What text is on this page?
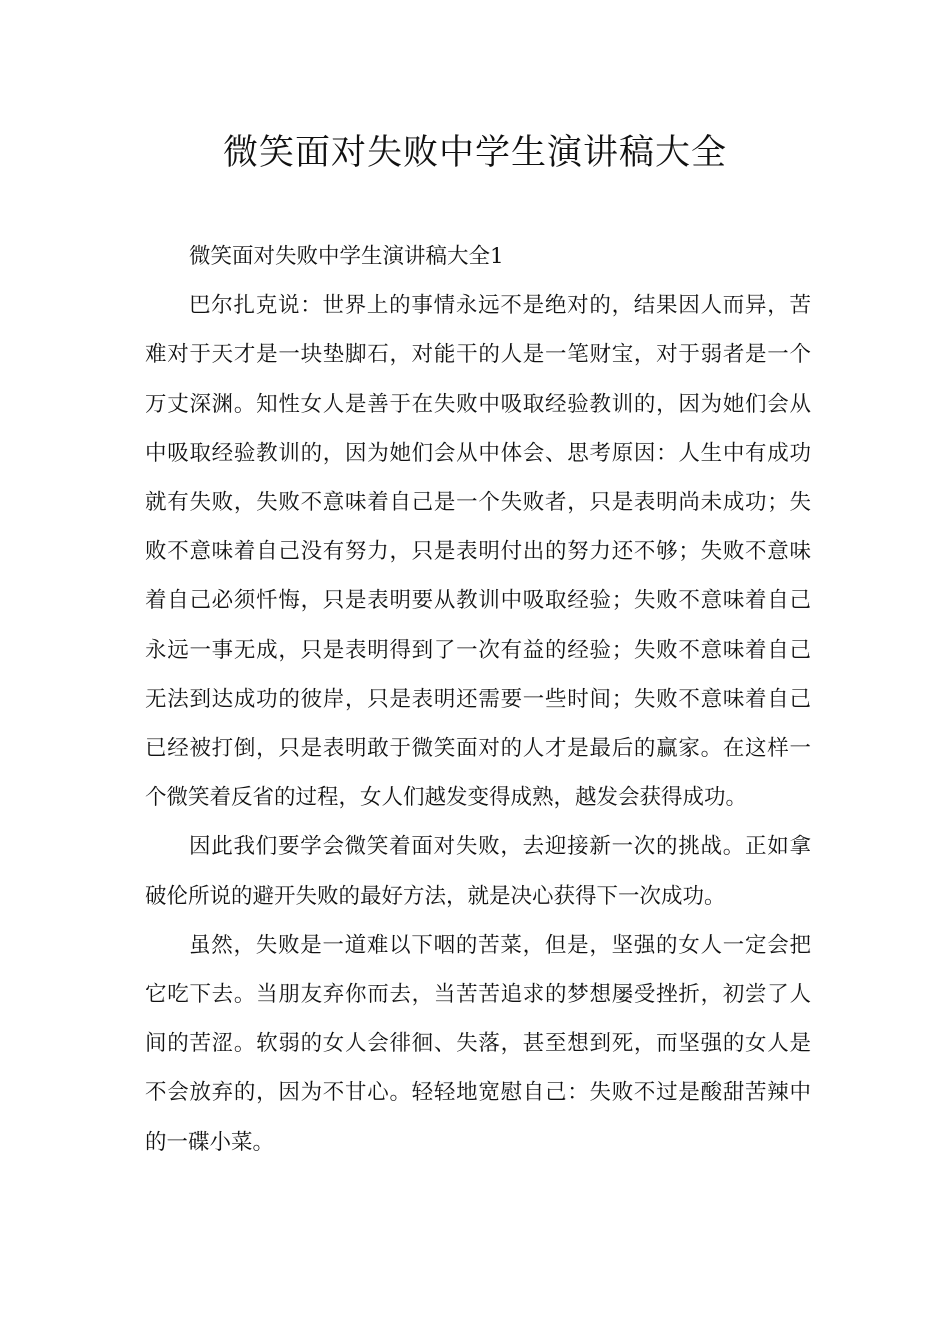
微笑面对失败中学生演讲稿大全

微笑面对失败中学生演讲稿大全1

巴尔扎克说：世界上的事情永远不是绝对的，结果因人而异，苦难对于天才是一块垫脚石，对能干的人是一笔财宝，对于弱者是一个万丈深渊。知性女人是善于在失败中吸取经验教训的，因为她们会从中吸取经验教训的，因为她们会从中体会、思考原因：人生中有成功就有失败，失败不意味着自己是一个失败者，只是表明尚未成功；失败不意味着自己没有努力，只是表明付出的努力还不够；失败不意味着自己必须忏悔，只是表明要从教训中吸取经验；失败不意味着自己永远一事无成，只是表明得到了一次有益的经验；失败不意味着自己无法到达成功的彼岸，只是表明还需要一些时间；失败不意味着自己已经被打倒，只是表明敢于微笑面对的人才是最后的赢家。在这样一个微笑着反省的过程，女人们越发变得成熟，越发会获得成功。

因此我们要学会微笑着面对失败，去迎接新一次的挑战。正如拿破伦所说的避开失败的最好方法，就是决心获得下一次成功。

虽然，失败是一道难以下咽的苦菜，但是，坚强的女人一定会把它吃下去。当朋友弃你而去，当苦苦追求的梦想屡受挫折，初尝了人间的苦涩。软弱的女人会徘徊、失落，甚至想到死，而坚强的女人是不会放弃的，因为不甘心。轻轻地宽慰自己：失败不过是酸甜苦辣中的一碟小菜。
